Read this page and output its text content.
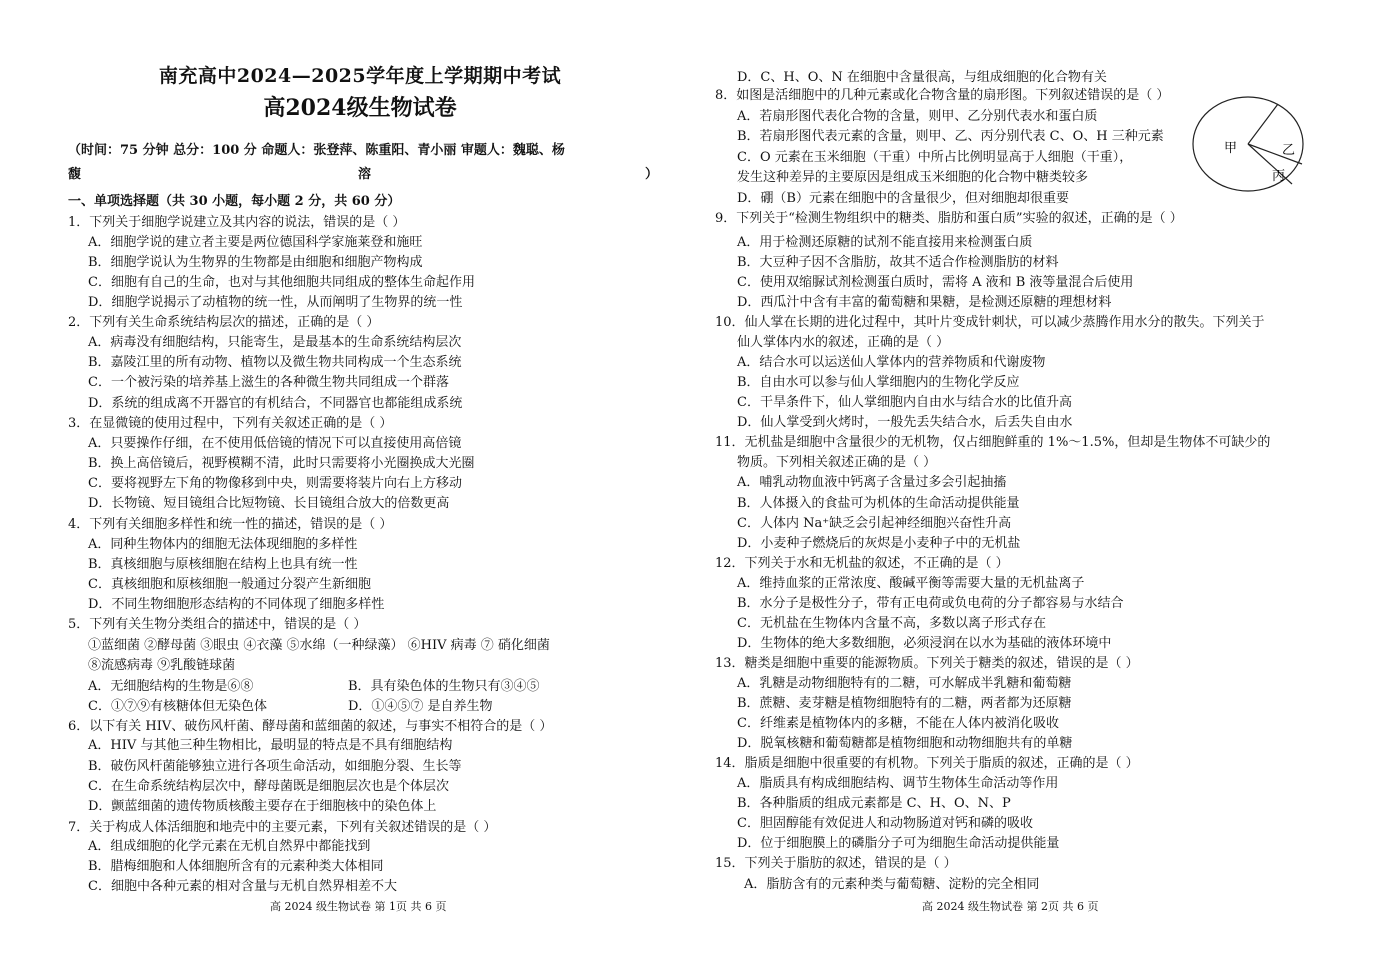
南充高中2024—2025学年度上学期期中考试
高2024级生物试卷
（时间：75 分钟 总分：100 分 命题人：张登萍、陈重阳、青小丽 审题人：魏聪、杨
馥	溶	）
一、单项选择题（共 30 小题，每小题 2 分，共 60 分）
1．下列关于细胞学说建立及其内容的说法，错误的是（ ）
A．细胞学说的建立者主要是两位德国科学家施莱登和施旺
B．细胞学说认为生物界的生物都是由细胞和细胞产物构成
C．细胞有自己的生命，也对与其他细胞共同组成的整体生命起作用
D．细胞学说揭示了动植物的统一性，从而阐明了生物界的统一性
2．下列有关生命系统结构层次的描述，正确的是（ ）
A．病毒没有细胞结构，只能寄生，是最基本的生命系统结构层次
B．嘉陵江里的所有动物、植物以及微生物共同构成一个生态系统
C．一个被污染的培养基上滋生的各种微生物共同组成一个群落
D．系统的组成离不开器官的有机结合，不同器官也都能组成系统
3．在显微镜的使用过程中，下列有关叙述正确的是（ ）
A．只要操作仔细，在不使用低倍镜的情况下可以直接使用高倍镜
B．换上高倍镜后，视野模糊不清，此时只需要将小光圈换成大光圈
C．要将视野左下角的物像移到中央，则需要将装片向右上方移动
D．长物镜、短目镜组合比短物镜、长目镜组合放大的倍数更高
4．下列有关细胞多样性和统一性的描述，错误的是（ ）
A．同种生物体内的细胞无法体现细胞的多样性
B．真核细胞与原核细胞在结构上也具有统一性
C．真核细胞和原核细胞一般通过分裂产生新细胞
D．不同生物细胞形态结构的不同体现了细胞多样性
5．下列有关生物分类组合的描述中，错误的是（ ）
①蓝细菌 ②酵母菌 ③眼虫 ④衣藻 ⑤水绵（一种绿藻） ⑥HIV 病毒 ⑦ 硝化细菌
⑧流感病毒 ⑨乳酸链球菌
A．无细胞结构的生物是⑥⑧	B．具有染色体的生物只有③④⑤
C．①⑦⑨有核糖体但无染色体	D．①④⑤⑦ 是自养生物
6．以下有关 HIV、破伤风杆菌、酵母菌和蓝细菌的叙述，与事实不相符合的是（ ）
A．HIV 与其他三种生物相比，最明显的特点是不具有细胞结构
B．破伤风杆菌能够独立进行各项生命活动，如细胞分裂、生长等
C．在生命系统结构层次中，酵母菌既是细胞层次也是个体层次
D．颤蓝细菌的遗传物质核酸主要存在于细胞核中的染色体上
7．关于构成人体活细胞和地壳中的主要元素，下列有关叙述错误的是（ ）
A．组成细胞的化学元素在无机自然界中都能找到
B．腊梅细胞和人体细胞所含有的元素种类大体相同
C．细胞中各种元素的相对含量与无机自然界相差不大
高 2024 级生物试卷 第 1页 共 6 页
D．C、H、O、N 在细胞中含量很高，与组成细胞的化合物有关
8．如图是活细胞中的几种元素或化合物含量的扇形图。下列叙述错误的是（ ）
A．若扇形图代表化合物的含量，则甲、乙分别代表水和蛋白质
B．若扇形图代表元素的含量，则甲、乙、丙分别代表 C、O、H 三种元素
C．O 元素在玉米细胞（干重）中所占比例明显高于人细胞（干重），
发生这种差异的主要原因是组成玉米细胞的化合物中糖类较多
D．硼（B）元素在细胞中的含量很少，但对细胞却很重要
9．下列关于“检测生物组织中的糖类、脂肪和蛋白质”实验的叙述，正确的是（ ）
A．用于检测还原糖的试剂不能直接用来检测蛋白质
B．大豆种子因不含脂肪，故其不适合作检测脂肪的材料
C．使用双缩脲试剂检测蛋白质时，需将 A 液和 B 液等量混合后使用
D．西瓜汁中含有丰富的葡萄糖和果糖，是检测还原糖的理想材料
10．仙人掌在长期的进化过程中，其叶片变成针刺状，可以减少蒸腾作用水分的散失。下列关于
仙人掌体内水的叙述，正确的是（ ）
A．结合水可以运送仙人掌体内的营养物质和代谢废物
B．自由水可以参与仙人掌细胞内的生物化学反应
C．干旱条件下，仙人掌细胞内自由水与结合水的比值升高
D．仙人掌受到火烤时，一般先丢失结合水，后丢失自由水
11．无机盐是细胞中含量很少的无机物，仅占细胞鲜重的 1%～1.5%，但却是生物体不可缺少的
物质。下列相关叙述正确的是（ ）
A．哺乳动物血液中钙离子含量过多会引起抽搐
B．人体摄入的食盐可为机体的生命活动提供能量
C．人体内 Na⁺缺乏会引起神经细胞兴奋性升高
D．小麦种子燃烧后的灰烬是小麦种子中的无机盐
12．下列关于水和无机盐的叙述，不正确的是（ ）
A．维持血浆的正常浓度、酸碱平衡等需要大量的无机盐离子
B．水分子是极性分子，带有正电荷或负电荷的分子都容易与水结合
C．无机盐在生物体内含量不高，多数以离子形式存在
D．生物体的绝大多数细胞，必须浸润在以水为基础的液体环境中
13．糖类是细胞中重要的能源物质。下列关于糖类的叙述，错误的是（ ）
A．乳糖是动物细胞特有的二糖，可水解成半乳糖和葡萄糖
B．蔗糖、麦芽糖是植物细胞特有的二糖，两者都为还原糖
C．纤维素是植物体内的多糖，不能在人体内被消化吸收
D．脱氧核糖和葡萄糖都是植物细胞和动物细胞共有的单糖
14．脂质是细胞中很重要的有机物。下列关于脂质的叙述，正确的是（ ）
A．脂质具有构成细胞结构、调节生物体生命活动等作用
B．各种脂质的组成元素都是 C、H、O、N、P
C．胆固醇能有效促进人和动物肠道对钙和磷的吸收
D．位于细胞膜上的磷脂分子可为细胞生命活动提供能量
15．下列关于脂肪的叙述，错误的是（ ）
A．脂肪含有的元素种类与葡萄糖、淀粉的完全相同
高 2024 级生物试卷 第 2页 共 6 页
甲	乙
丙
